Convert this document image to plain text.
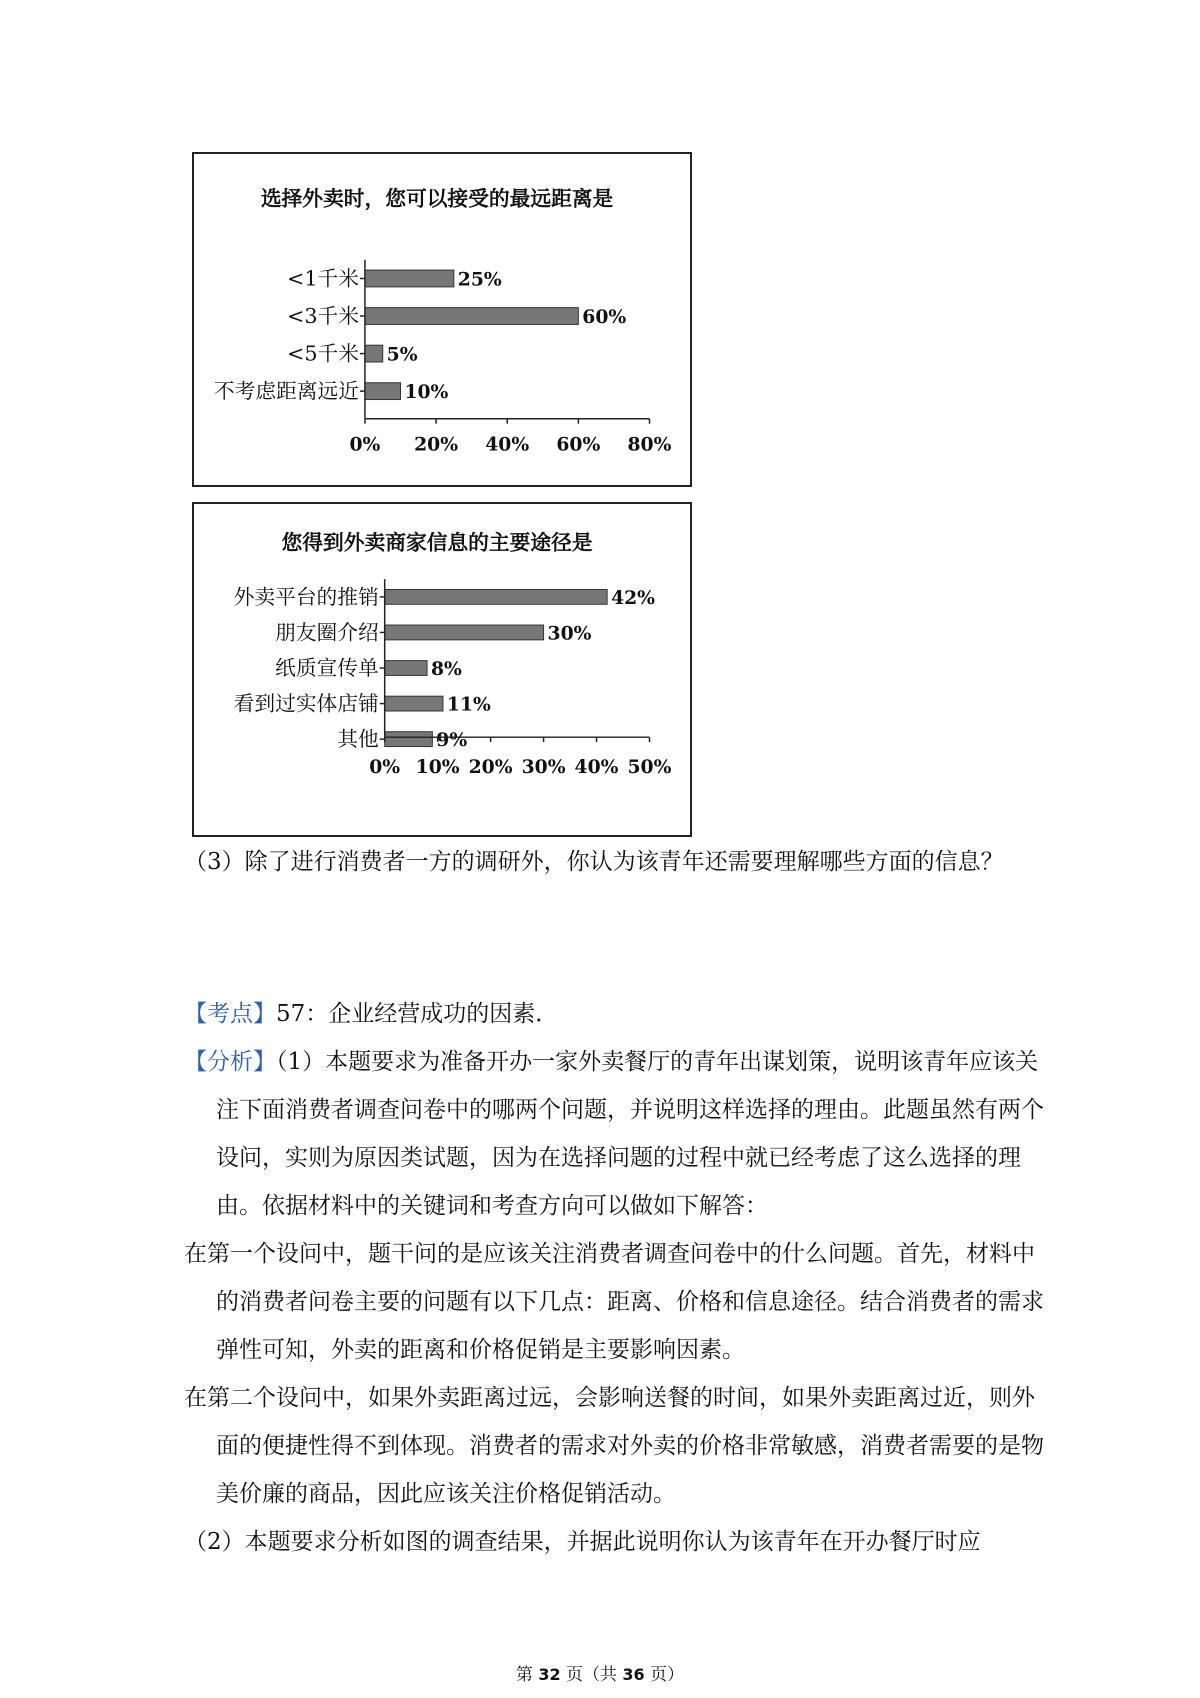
选择外卖时，您可以接受的最远距离是
<1千米	25%
<3千米	60%
<5千米 5%
不考虑距离远近 10%
0% 20% 40% 60% 80%
您得到外卖商家信息的主要途径是
外卖平台的推销	42%
朋友圈介绍	30%
纸质宣传单	8%
看到过实体店铺	11%
其他	9%
0% 10% 20% 30% 40% 50%

（3）除了进行消费者一方的调研外，你认为该青年还需要理解哪些方面的信息？

【考点】57：企业经营成功的因素．

【分析】（1）本题要求为准备开办一家外卖餐厅的青年出谋划策，说明该青年应该关注下面消费者调查问卷中的哪两个问题，并说明这样选择的理由。此题虽然有两个设问，实则为原因类试题，因为在选择问题的过程中就已经考虑了这么选择的理由。依据材料中的关键词和考查方向可以做如下解答：

在第一个设问中，题干问的是应该关注消费者调查问卷中的什么问题。首先，材料中的消费者问卷主要的问题有以下几点：距离、价格和信息途径。结合消费者的需求弹性可知，外卖的距离和价格促销是主要影响因素。

在第二个设问中，如果外卖距离过远，会影响送餐的时间，如果外卖距离过近，则外面的便捷性得不到体现。消费者的需求对外卖的价格非常敏感，消费者需要的是物美价廉的商品，因此应该关注价格促销活动。

（2）本题要求分析如图的调查结果，并据此说明你认为该青年在开办餐厅时应

第 32 页（共 36 页）
